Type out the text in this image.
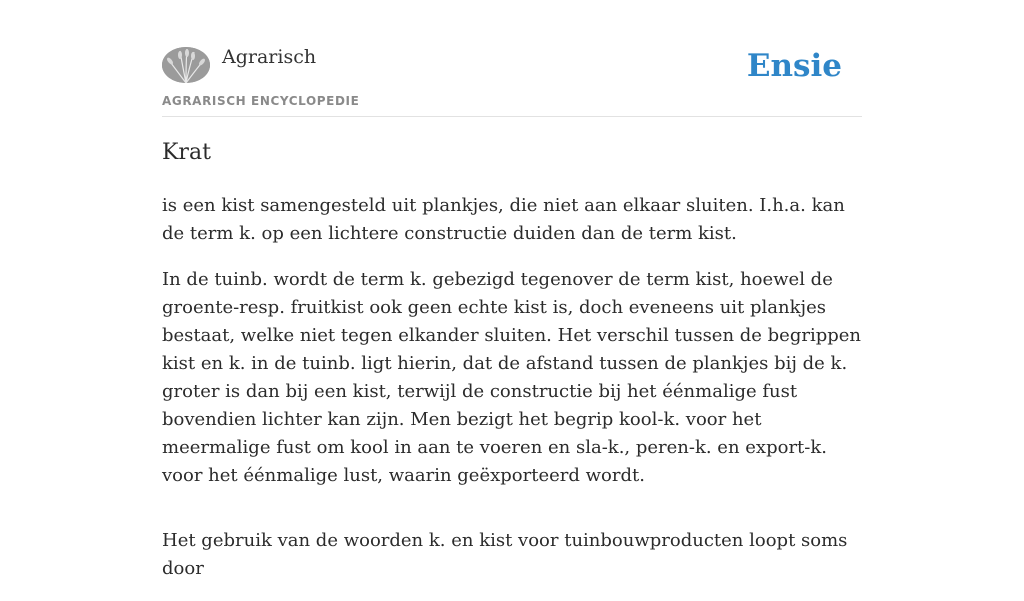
Agrarisch
AGRARISCH ENCYCLOPEDIE
Ensie
Krat

is een kist samengesteld uit plankjes, die niet aan elkaar sluiten. I.h.a. kan de term k. op een lichtere constructie duiden dan de term kist.

In de tuinb. wordt de term k. gebezigd tegenover de term kist, hoewel de groente-resp. fruitkist ook geen echte kist is, doch eveneens uit plankjes bestaat, welke niet tegen elkander sluiten. Het verschil tussen de begrippen kist en k. in de tuinb. ligt hierin, dat de afstand tussen de plankjes bij de k. groter is dan bij een kist, terwijl de constructie bij het éénmalige fust bovendien lichter kan zijn. Men bezigt het begrip kool-k. voor het meermalige fust om kool in aan te voeren en sla-k., peren-k. en export-k. voor het éénmalige lust, waarin geëxporteerd wordt.

Het gebruik van de woorden k. en kist voor tuinbouwproducten loopt soms door
